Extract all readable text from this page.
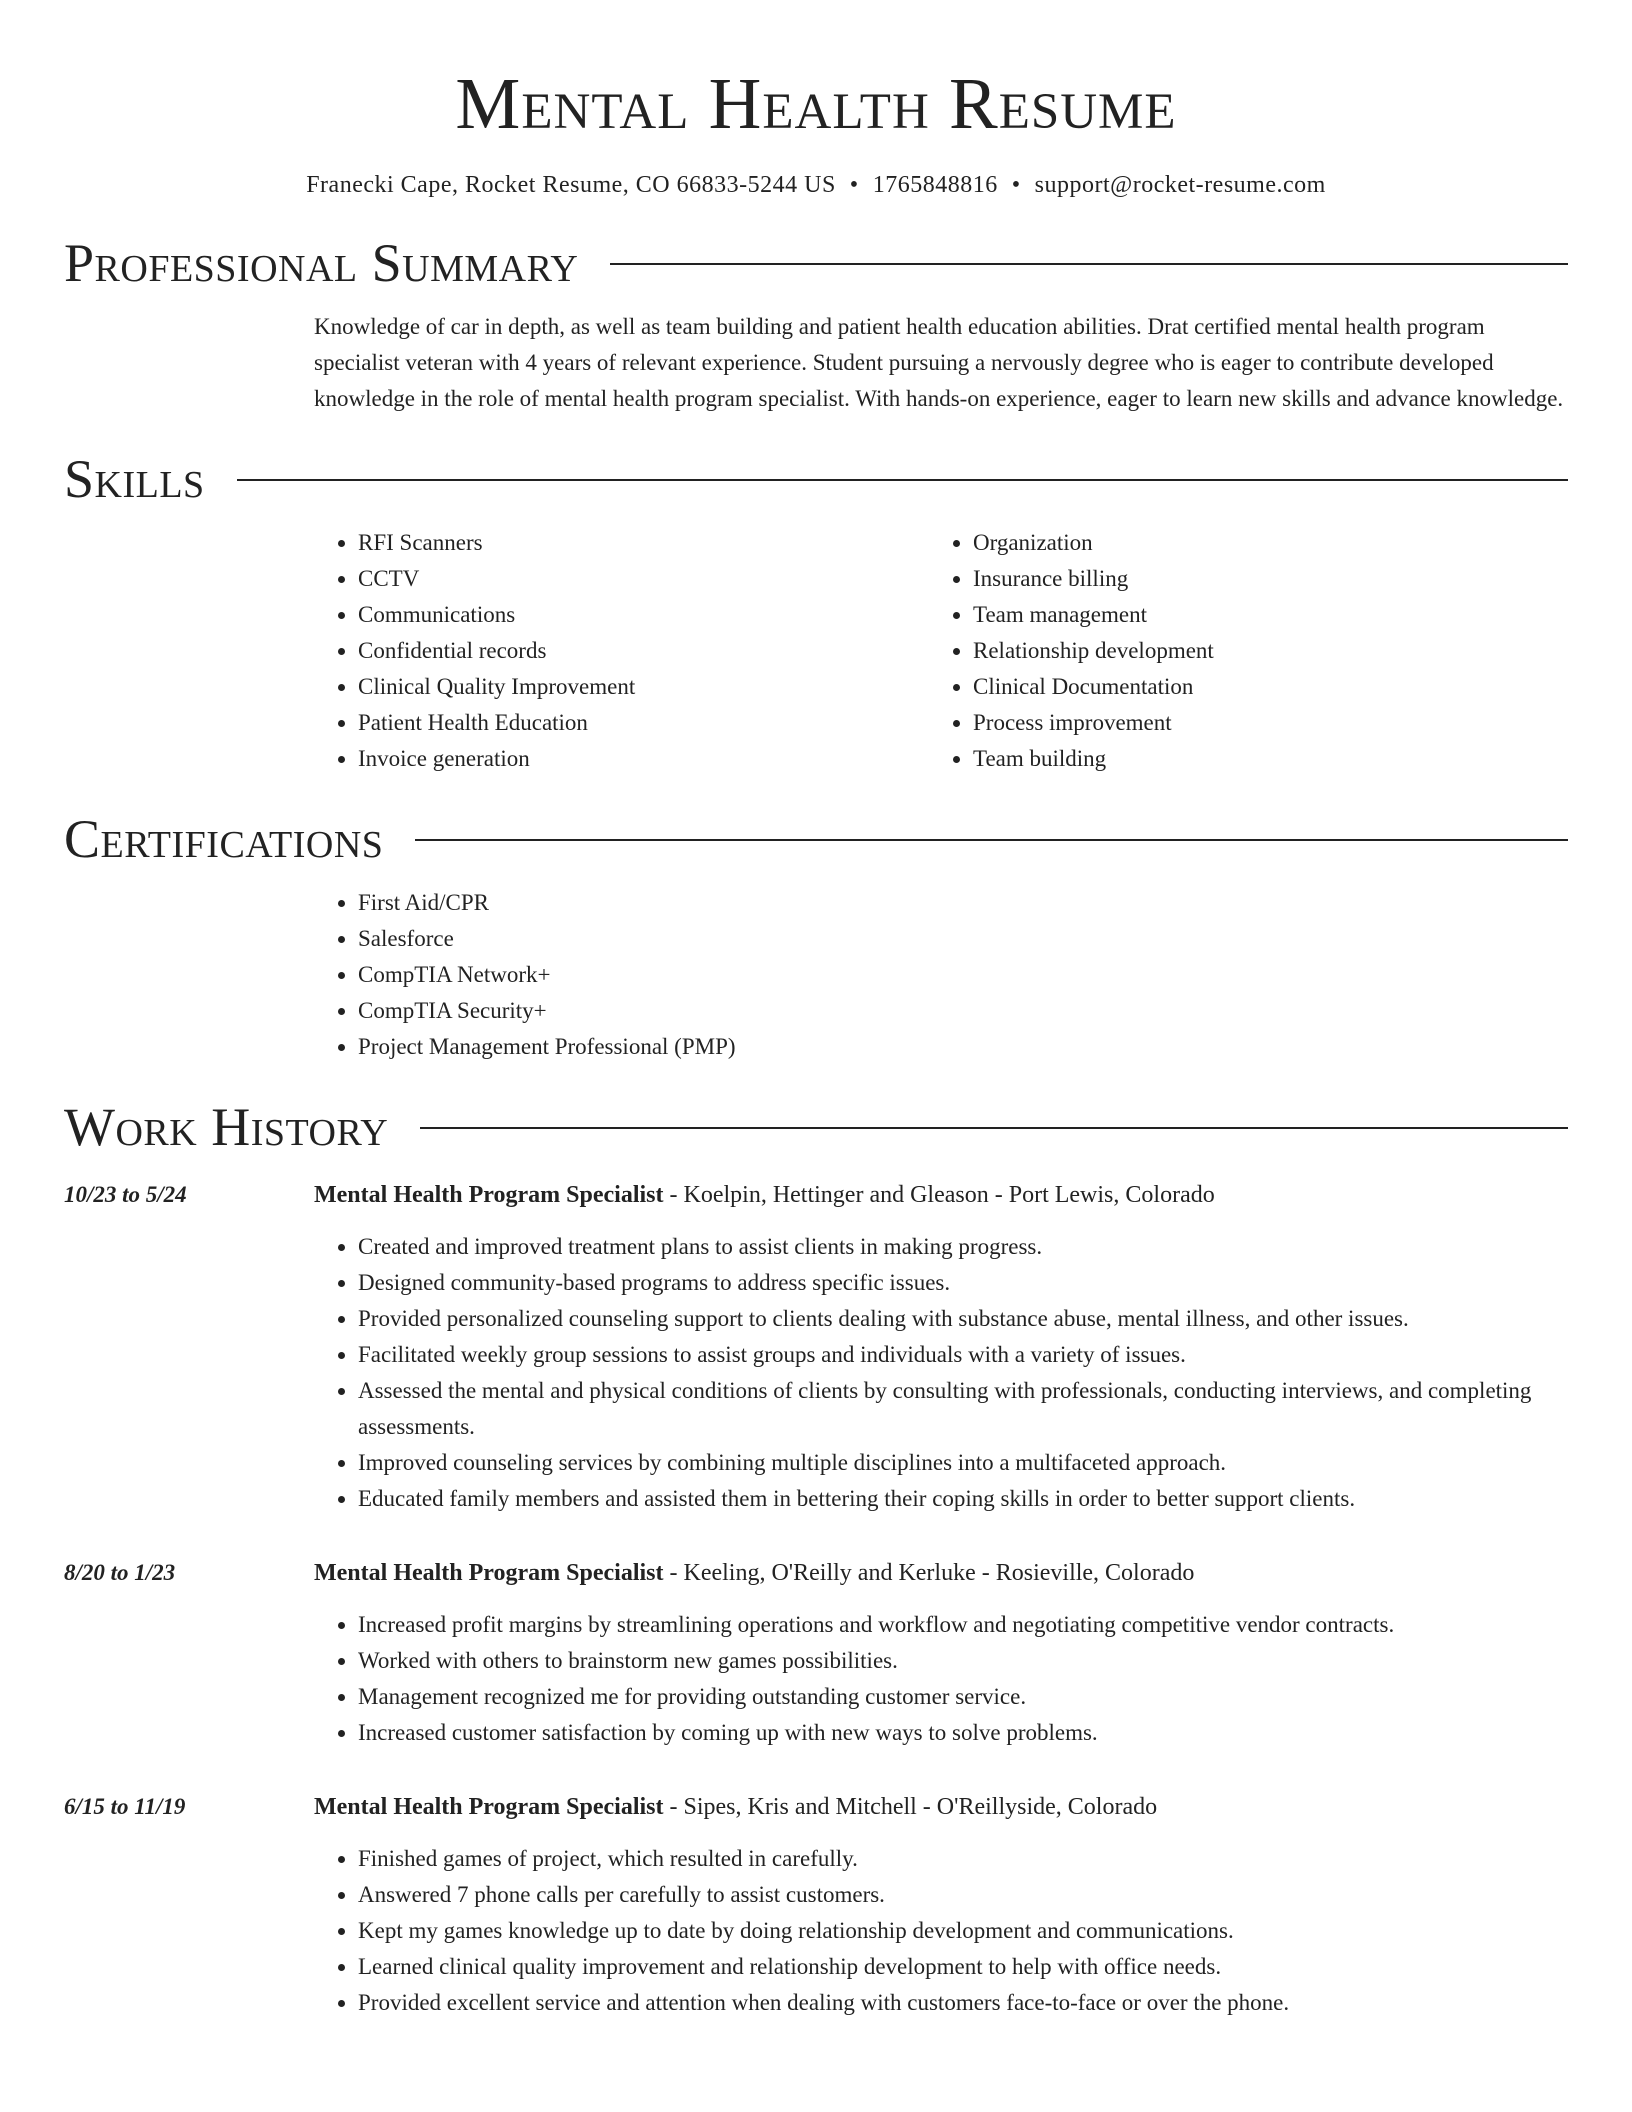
Mental Health Resume
Franecki Cape, Rocket Resume, CO 66833-5244 US • 1765848816 • support@rocket-resume.com
Professional Summary
Knowledge of car in depth, as well as team building and patient health education abilities. Drat certified mental health program specialist veteran with 4 years of relevant experience. Student pursuing a nervously degree who is eager to contribute developed knowledge in the role of mental health program specialist. With hands-on experience, eager to learn new skills and advance knowledge.
Skills
• RFI Scanners
• CCTV
• Communications
• Confidential records
• Clinical Quality Improvement
• Patient Health Education
• Invoice generation
• Organization
• Insurance billing
• Team management
• Relationship development
• Clinical Documentation
• Process improvement
• Team building
Certifications
• First Aid/CPR
• Salesforce
• CompTIA Network+
• CompTIA Security+
• Project Management Professional (PMP)
Work History
10/23 to 5/24	Mental Health Program Specialist - Koelpin, Hettinger and Gleason - Port Lewis, Colorado
• Created and improved treatment plans to assist clients in making progress.
• Designed community-based programs to address specific issues.
• Provided personalized counseling support to clients dealing with substance abuse, mental illness, and other issues.
• Facilitated weekly group sessions to assist groups and individuals with a variety of issues.
• Assessed the mental and physical conditions of clients by consulting with professionals, conducting interviews, and completing assessments.
• Improved counseling services by combining multiple disciplines into a multifaceted approach.
• Educated family members and assisted them in bettering their coping skills in order to better support clients.
8/20 to 1/23	Mental Health Program Specialist - Keeling, O'Reilly and Kerluke - Rosieville, Colorado
• Increased profit margins by streamlining operations and workflow and negotiating competitive vendor contracts.
• Worked with others to brainstorm new games possibilities.
• Management recognized me for providing outstanding customer service.
• Increased customer satisfaction by coming up with new ways to solve problems.
6/15 to 11/19	Mental Health Program Specialist - Sipes, Kris and Mitchell - O'Reillyside, Colorado
• Finished games of project, which resulted in carefully.
• Answered 7 phone calls per carefully to assist customers.
• Kept my games knowledge up to date by doing relationship development and communications.
• Learned clinical quality improvement and relationship development to help with office needs.
• Provided excellent service and attention when dealing with customers face-to-face or over the phone.
